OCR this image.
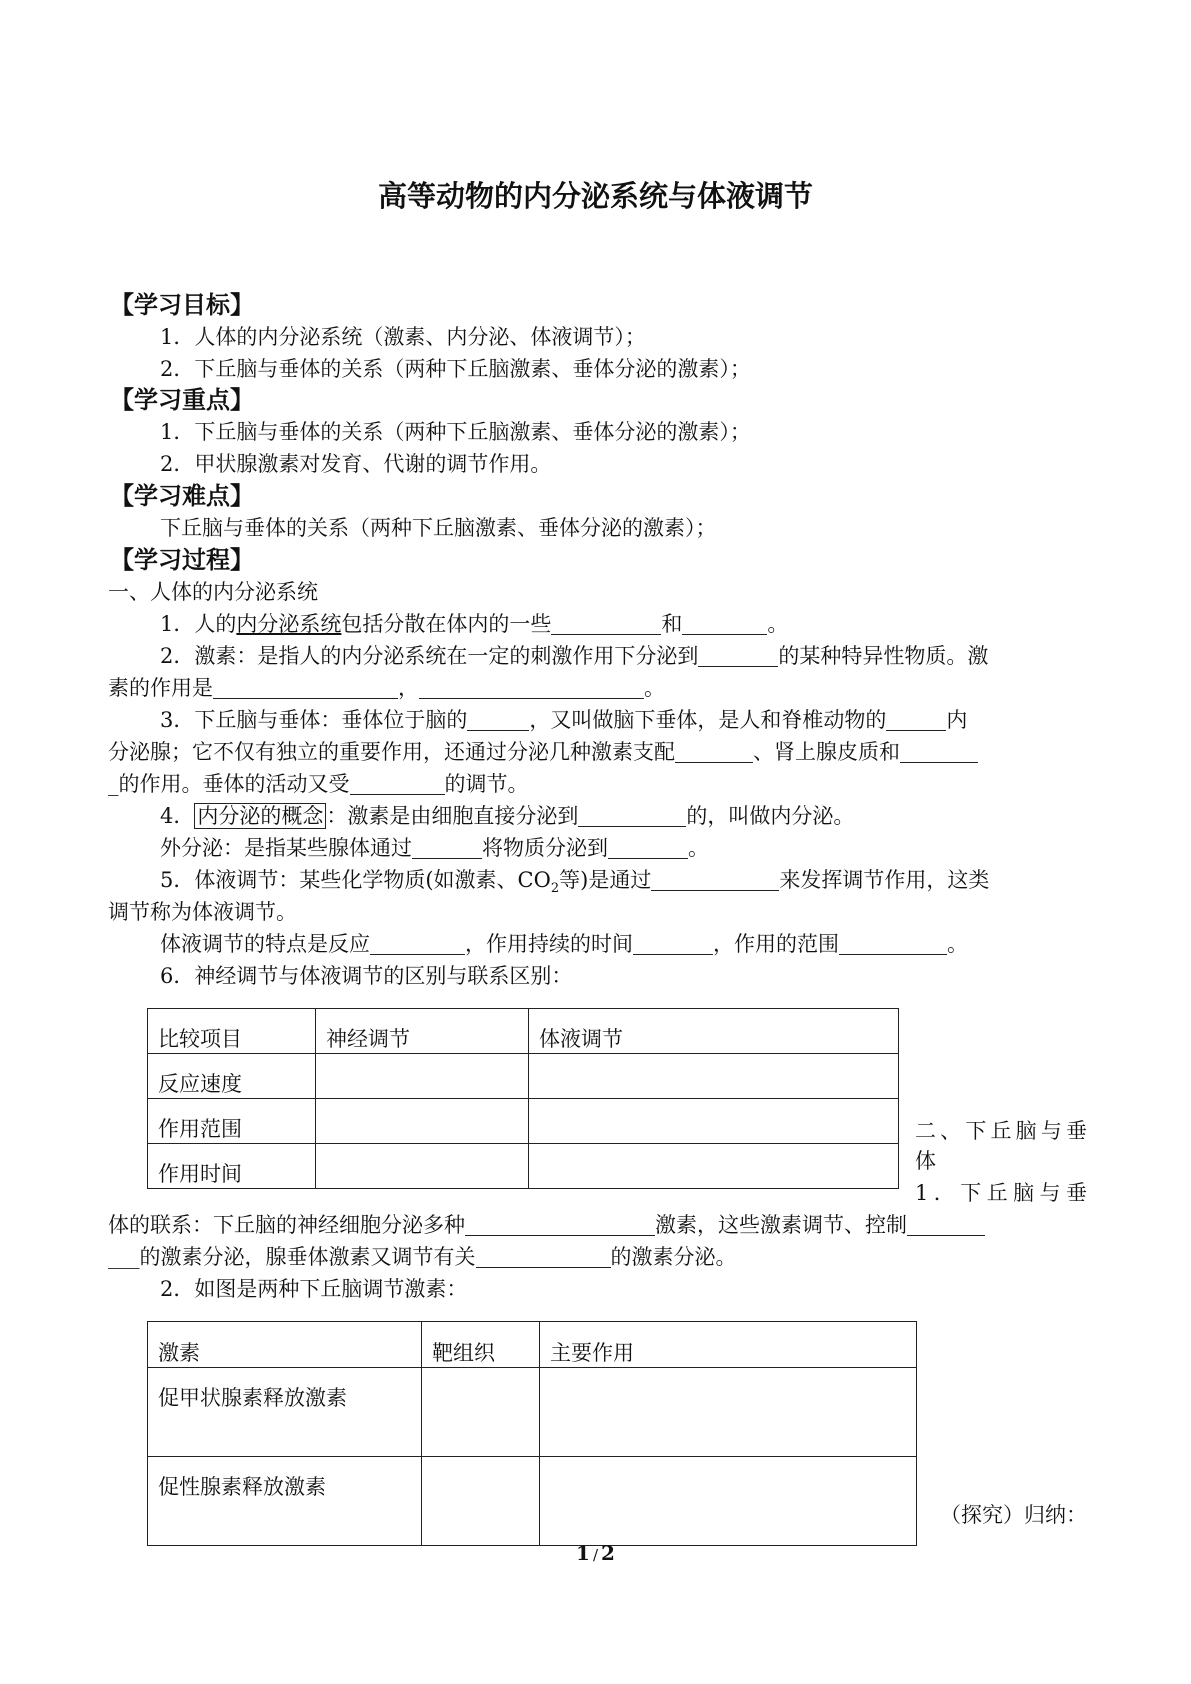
高等动物的内分泌系统与体液调节
【学习目标】
1．人体的内分泌系统（激素、内分泌、体液调节）；
2．下丘脑与垂体的关系（两种下丘脑激素、垂体分泌的激素）；
【学习重点】
1．下丘脑与垂体的关系（两种下丘脑激素、垂体分泌的激素）；
2．甲状腺激素对发育、代谢的调节作用。
【学习难点】
下丘脑与垂体的关系（两种下丘脑激素、垂体分泌的激素）；
【学习过程】
一、人体的内分泌系统
1．人的内分泌系统包括分散在体内的一些	和	。
2．激素：是指人的内分泌系统在一定的刺激作用下分泌到	的某种特异性物质。激
素的作用是	，	。
3．下丘脑与垂体：垂体位于脑的	，又叫做脑下垂体，是人和脊椎动物的	内
分泌腺；它不仅有独立的重要作用，还通过分泌几种激素支配	、肾上腺皮质和
_的作用。垂体的活动又受	的调节。
4． 内分泌的概念 ：激素是由细胞直接分泌到	的，叫做内分泌。
外分泌：是指某些腺体通过	将物质分泌到	。
5．体液调节：某些化学物质(如激素、$CO_2$等)是通过	来发挥调节作用，这类
调节称为体液调节。
体液调节的特点是反应	，作用持续的时间	，作用的范围	。
6．神经调节与体液调节的区别与联系区别：
比较项目	神经调节	体液调节
反应速度		
作用范围		
作用时间		
二、下丘脑与垂
体
1．下丘脑与垂
体的联系：下丘脑的神经细胞分泌多种	激素，这些激素调节、控制
___的激素分泌，腺垂体激素又调节有关	的激素分泌。
2．如图是两种下丘脑调节激素：
激素	靶组织	主要作用
促甲状腺素释放激素		
促性腺素释放激素		
（探究）归纳：
1 / 2
